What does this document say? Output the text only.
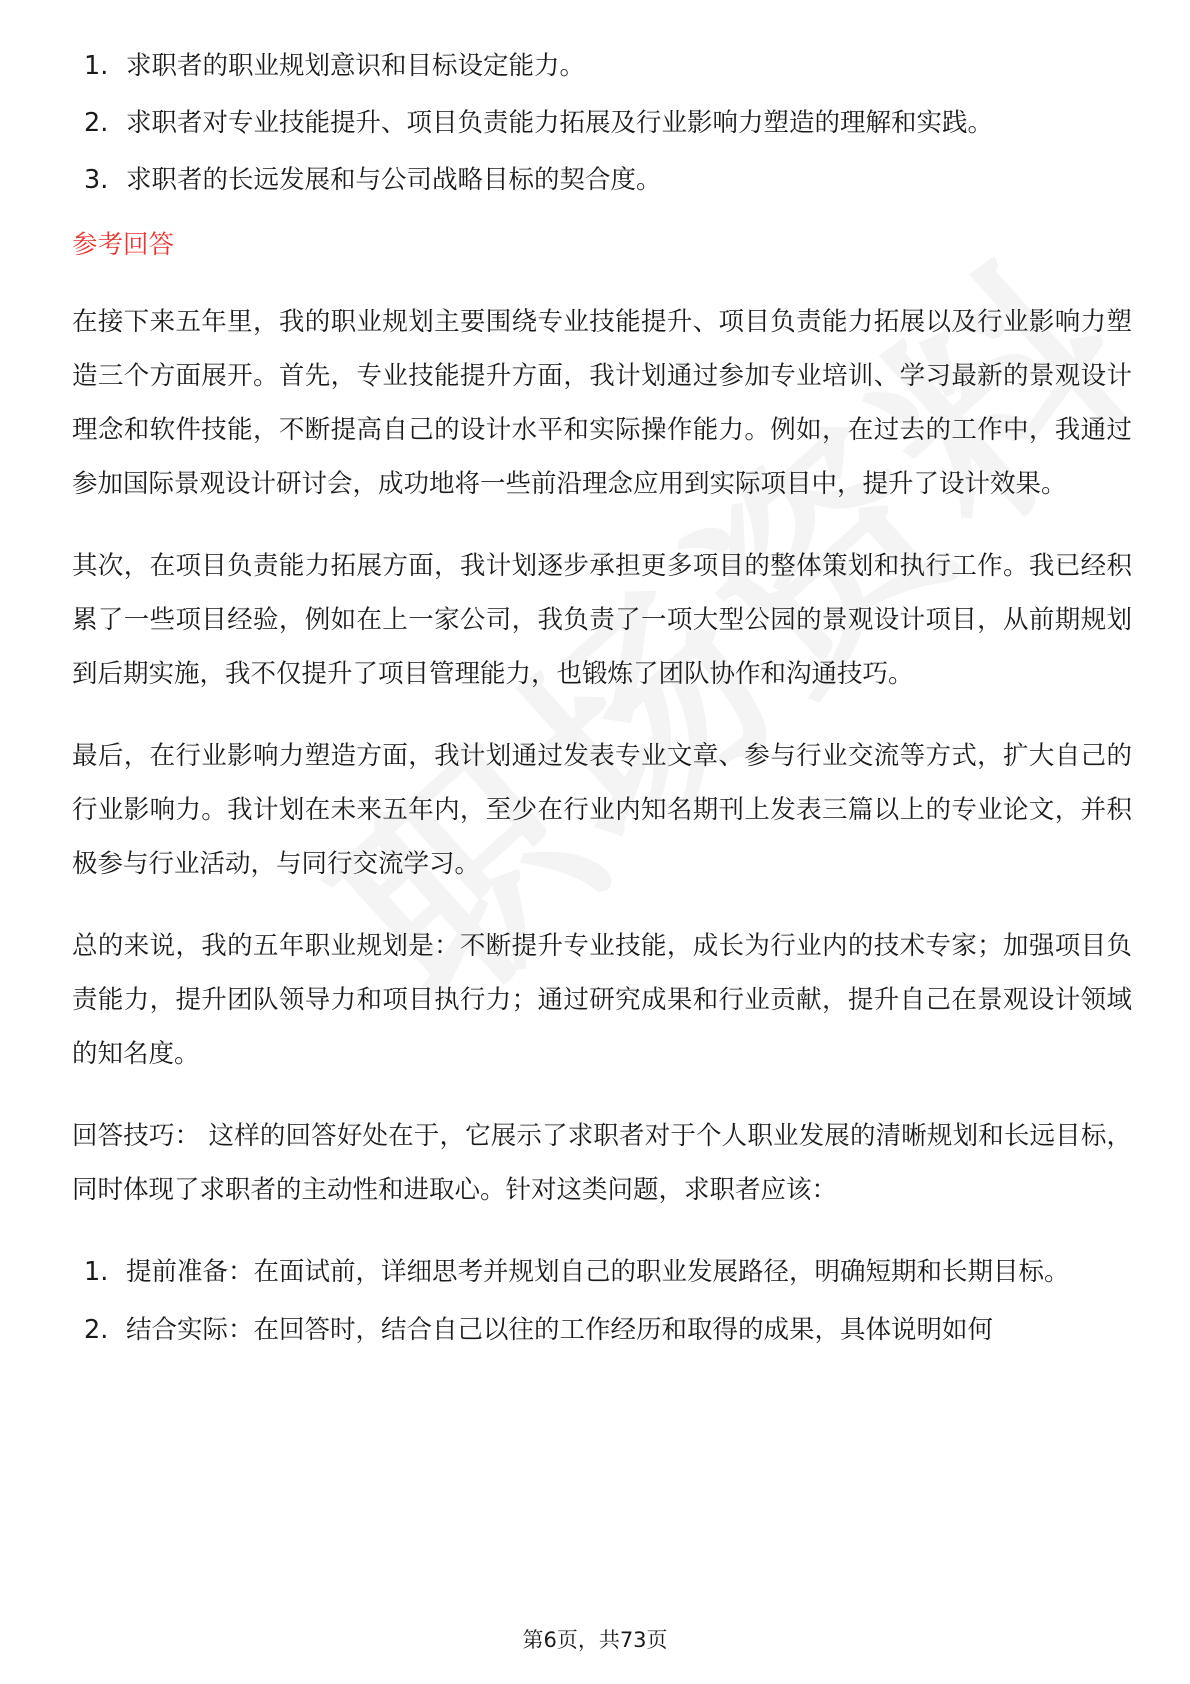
1. 求职者的职业规划意识和目标设定能力。
2. 求职者对专业技能提升、项目负责能力拓展及行业影响力塑造的理解和实践。
3. 求职者的长远发展和与公司战略目标的契合度。
参考回答

在接下来五年里，我的职业规划主要围绕专业技能提升、项目负责能力拓展以及行业影响力塑造三个方面展开。首先，专业技能提升方面，我计划通过参加专业培训、学习最新的景观设计理念和软件技能，不断提高自己的设计水平和实际操作能力。例如，在过去的工作中，我通过参加国际景观设计研讨会，成功地将一些前沿理念应用到实际项目中，提升了设计效果。

其次，在项目负责能力拓展方面，我计划逐步承担更多项目的整体策划和执行工作。我已经积累了一些项目经验，例如在上一家公司，我负责了一项大型公园的景观设计项目，从前期规划到后期实施，我不仅提升了项目管理能力，也锻炼了团队协作和沟通技巧。

最后，在行业影响力塑造方面，我计划通过发表专业文章、参与行业交流等方式，扩大自己的行业影响力。我计划在未来五年内，至少在行业内知名期刊上发表三篇以上的专业论文，并积极参与行业活动，与同行交流学习。

总的来说，我的五年职业规划是：不断提升专业技能，成长为行业内的技术专家；加强项目负责能力，提升团队领导力和项目执行力；通过研究成果和行业贡献，提升自己在景观设计领域的知名度。

回答技巧： 这样的回答好处在于，它展示了求职者对于个人职业发展的清晰规划和长远目标，同时体现了求职者的主动性和进取心。针对这类问题，求职者应该：

1. 提前准备：在面试前，详细思考并规划自己的职业发展路径，明确短期和长期目标。
2. 结合实际：在回答时，结合自己以往的工作经历和取得的成果，具体说明如何
第6页，共73页
